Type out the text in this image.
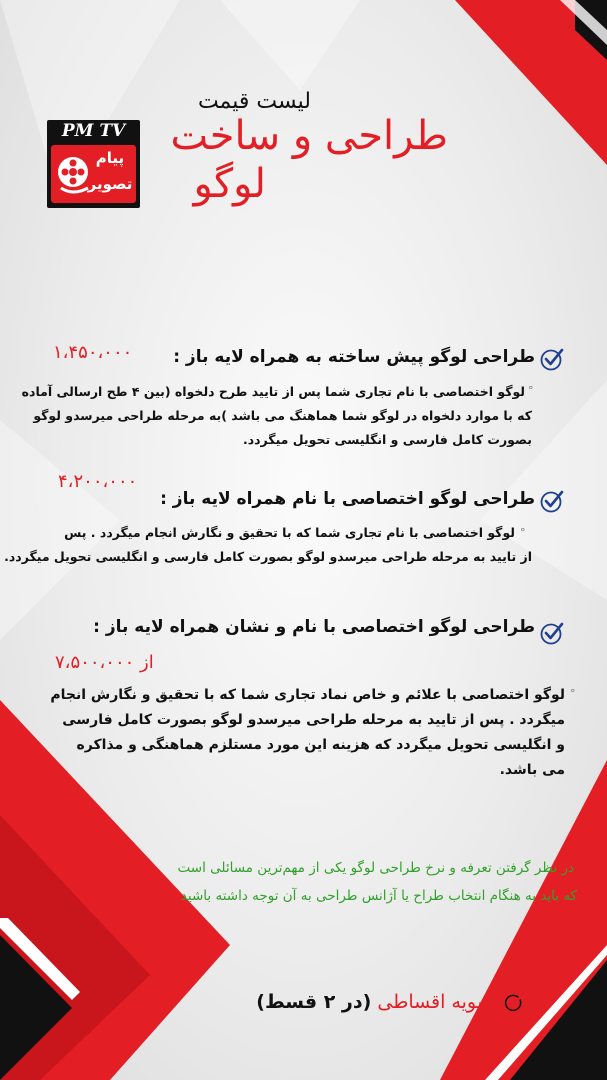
PM TV
پیام
تصویر
لیست قیمت
طراحی و ساخت
لوگو
طراحی لوگو پیش ساخته به همراه لایه باز :
۱،۴۵۰،۰۰۰
°
لوگو اختصاصی با نام تجاری شما پس از تایید طرح دلخواه (بین ۴ طح ارسالی آماده
که با موارد دلخواه در لوگو شما هماهنگ می باشد )به مرحله طراحی میرسدو لوگو
بصورت کامل فارسی و انگلیسی تحویل میگردد.
طراحی لوگو اختصاصی با نام همراه لایه باز :
۴،۲۰۰،۰۰۰
°
لوگو اختصاصی با نام تجاری شما که با تحقیق و نگارش انجام میگردد . پس
از تایید به مرحله طراحی میرسدو لوگو بصورت کامل فارسی و انگلیسی تحویل میگردد.
طراحی لوگو اختصاصی با نام و نشان همراه لایه باز :
از ۷،۵۰۰،۰۰۰
°
لوگو اختصاصی با علائم و خاص نماد تجاری شما که با تحقیق و نگارش انجام
میگردد . پس از تایید به مرحله طراحی میرسدو لوگو بصورت کامل فارسی
و انگلیسی تحویل میگردد که هزینه این مورد مستلزم هماهنگی و مذاکره
می باشد.
در نظر گرفتن تعرفه و نرخ طراحی لوگو یکی از مهم‌ترین مسائلی است
که باید به هنگام انتخاب طراح یا آژانس طراحی به آن توجه داشته باشید
تسویه اقساطی (در ۲ قسط)
